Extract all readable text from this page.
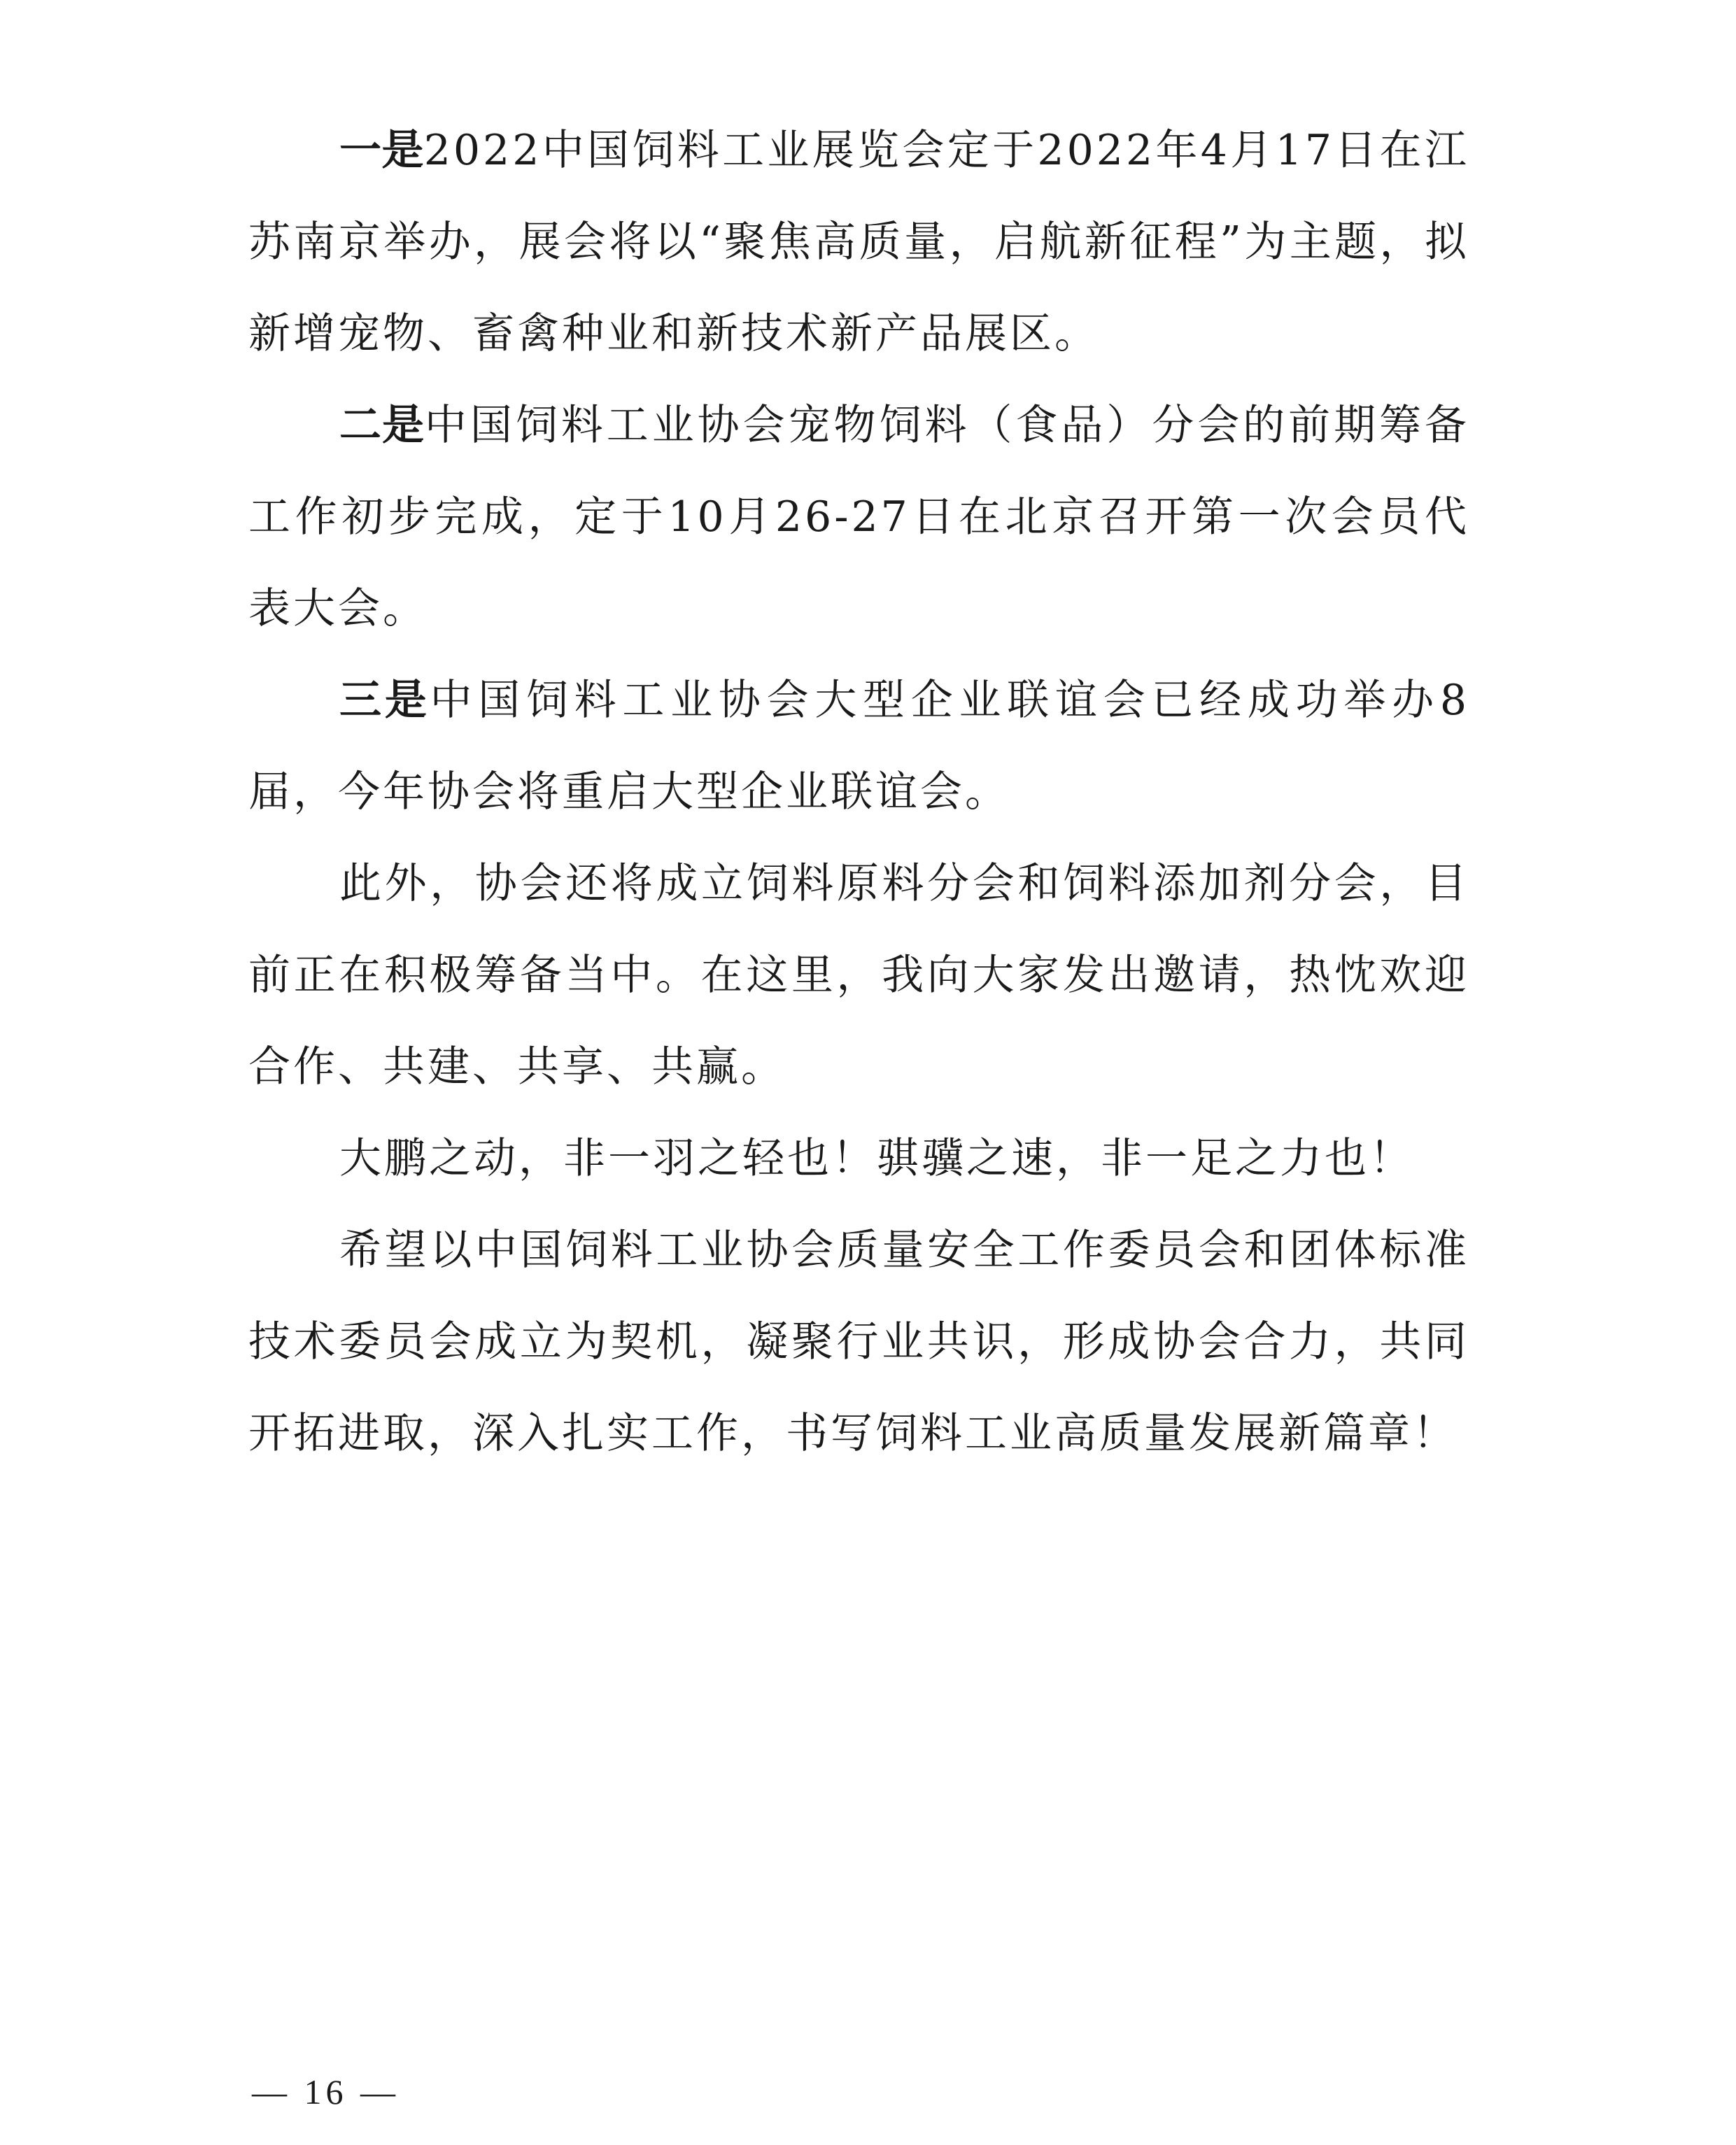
一是2022中国饲料工业展览会定于2022年4月17日在江苏南京举办，展会将以“聚焦高质量，启航新征程”为主题，拟新增宠物、畜禽种业和新技术新产品展区。

二是中国饲料工业协会宠物饲料（食品）分会的前期筹备工作初步完成，定于10月26-27日在北京召开第一次会员代表大会。

三是中国饲料工业协会大型企业联谊会已经成功举办8届，今年协会将重启大型企业联谊会。

此外，协会还将成立饲料原料分会和饲料添加剂分会，目前正在积极筹备当中。在这里，我向大家发出邀请，热忱欢迎合作、共建、共享、共赢。

大鹏之动，非一羽之轻也！骐骥之速，非一足之力也！

希望以中国饲料工业协会质量安全工作委员会和团体标准技术委员会成立为契机，凝聚行业共识，形成协会合力，共同开拓进取，深入扎实工作，书写饲料工业高质量发展新篇章！

— 16 —
